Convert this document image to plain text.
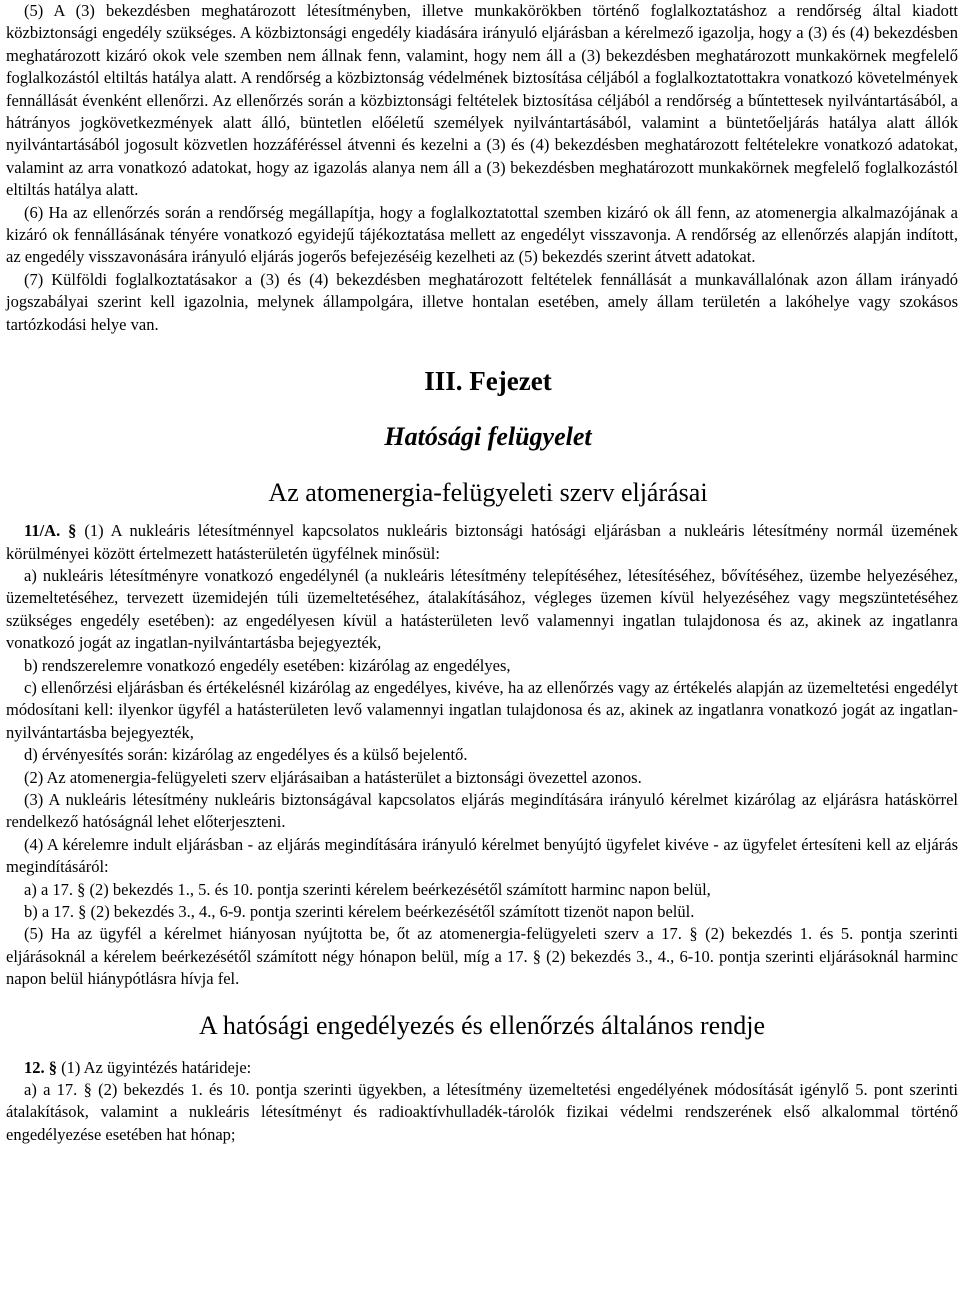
(5) A (3) bekezdésben meghatározott létesítményben, illetve munkakörökben történő foglalkoztatáshoz a rendőrség által kiadott közbiztonsági engedély szükséges. A közbiztonsági engedély kiadására irányuló eljárásban a kérelmező igazolja, hogy a (3) és (4) bekezdésben meghatározott kizáró okok vele szemben nem állnak fenn, valamint, hogy nem áll a (3) bekezdésben meghatározott munkakörnek megfelelő foglalkozástól eltiltás hatálya alatt. A rendőrség a közbiztonság védelmének biztosítása céljából a foglalkoztatottakra vonatkozó követelmények fennállását évenként ellenőrzi. Az ellenőrzés során a közbiztonsági feltételek biztosítása céljából a rendőrség a bűntettesek nyilvántartásából, a hátrányos jogkövetkezmények alatt álló, büntetlen előéletű személyek nyilvántartásából, valamint a büntetőeljárás hatálya alatt állók nyilvántartásából jogosult közvetlen hozzáféréssel átvenni és kezelni a (3) és (4) bekezdésben meghatározott feltételekre vonatkozó adatokat, valamint az arra vonatkozó adatokat, hogy az igazolás alanya nem áll a (3) bekezdésben meghatározott munkakörnek megfelelő foglalkozástól eltiltás hatálya alatt.

(6) Ha az ellenőrzés során a rendőrség megállapítja, hogy a foglalkoztatottal szemben kizáró ok áll fenn, az atomenergia alkalmazójának a kizáró ok fennállásának tényére vonatkozó egyidejű tájékoztatása mellett az engedélyt visszavonja. A rendőrség az ellenőrzés alapján indított, az engedély visszavonására irányuló eljárás jogerős befejezéséig kezelheti az (5) bekezdés szerint átvett adatokat.

(7) Külföldi foglalkoztatásakor a (3) és (4) bekezdésben meghatározott feltételek fennállását a munkavállalónak azon állam irányadó jogszabályai szerint kell igazolnia, melynek állampolgára, illetve hontalan esetében, amely állam területén a lakóhelye vagy szokásos tartózkodási helye van.

III. Fejezet
Hatósági felügyelet
Az atomenergia-felügyeleti szerv eljárásai

11/A. § (1) A nukleáris létesítménnyel kapcsolatos nukleáris biztonsági hatósági eljárásban a nukleáris létesítmény normál üzemének körülményei között értelmezett hatásterületén ügyfélnek minősül:

a) nukleáris létesítményre vonatkozó engedélynél (a nukleáris létesítmény telepítéséhez, létesítéséhez, bővítéséhez, üzembe helyezéséhez, üzemeltetéséhez, tervezett üzemidején túli üzemeltetéséhez, átalakításához, végleges üzemen kívül helyezéséhez vagy megszüntetéséhez szükséges engedély esetében): az engedélyesen kívül a hatásterületen levő valamennyi ingatlan tulajdonosa és az, akinek az ingatlanra vonatkozó jogát az ingatlan-nyilvántartásba bejegyezték,

b) rendszerelemre vonatkozó engedély esetében: kizárólag az engedélyes,

c) ellenőrzési eljárásban és értékelésnél kizárólag az engedélyes, kivéve, ha az ellenőrzés vagy az értékelés alapján az üzemeltetési engedélyt módosítani kell: ilyenkor ügyfél a hatásterületen levő valamennyi ingatlan tulajdonosa és az, akinek az ingatlanra vonatkozó jogát az ingatlan-nyilvántartásba bejegyezték,

d) érvényesítés során: kizárólag az engedélyes és a külső bejelentő.

(2) Az atomenergia-felügyeleti szerv eljárásaiban a hatásterület a biztonsági övezettel azonos.

(3) A nukleáris létesítmény nukleáris biztonságával kapcsolatos eljárás megindítására irányuló kérelmet kizárólag az eljárásra hatáskörrel rendelkező hatóságnál lehet előterjeszteni.

(4) A kérelemre indult eljárásban - az eljárás megindítására irányuló kérelmet benyújtó ügyfelet kivéve - az ügyfelet értesíteni kell az eljárás megindításáról:

a) a 17. § (2) bekezdés 1., 5. és 10. pontja szerinti kérelem beérkezésétől számított harminc napon belül,

b) a 17. § (2) bekezdés 3., 4., 6-9. pontja szerinti kérelem beérkezésétől számított tizenöt napon belül.

(5) Ha az ügyfél a kérelmet hiányosan nyújtotta be, őt az atomenergia-felügyeleti szerv a 17. § (2) bekezdés 1. és 5. pontja szerinti eljárásoknál a kérelem beérkezésétől számított négy hónapon belül, míg a 17. § (2) bekezdés 3., 4., 6-10. pontja szerinti eljárásoknál harminc napon belül hiánypótlásra hívja fel.

A hatósági engedélyezés és ellenőrzés általános rendje

12. § (1) Az ügyintézés határideje:

a) a 17. § (2) bekezdés 1. és 10. pontja szerinti ügyekben, a létesítmény üzemeltetési engedélyének módosítását igénylő 5. pont szerinti átalakítások, valamint a nukleáris létesítményt és radioaktívhulladék-tárolók fizikai védelmi rendszerének első alkalommal történő engedélyezése esetében hat hónap;
